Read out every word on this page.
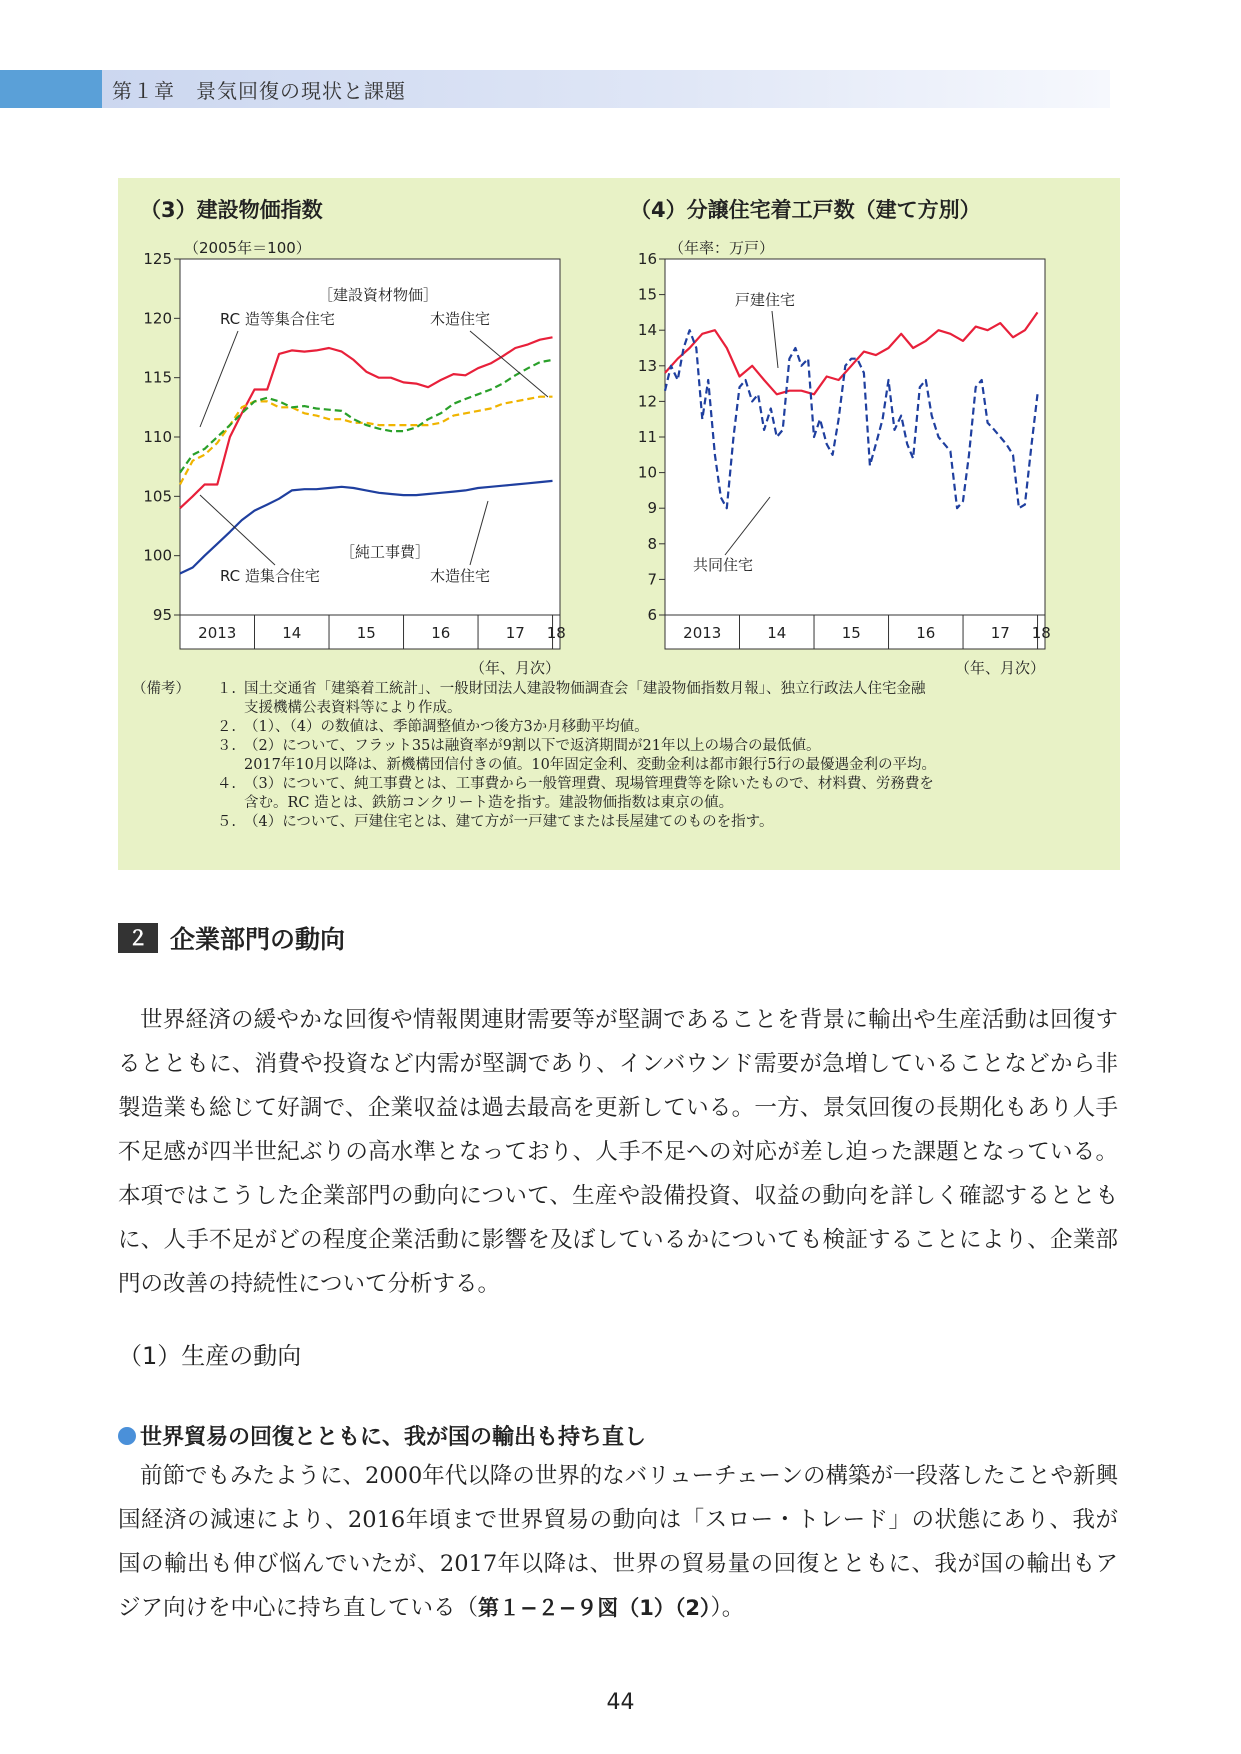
第１章　景気回復の現状と課題
（3）建設物価指数	（4）分譲住宅着工戸数（建て方別）
95
100
105
110
115
120
125
2013	14	15	16	17 18
（年、月次）
（2005年＝100）
［建設資材物価］
RC 造等集合住宅	木造住宅
［純工事費］
RC 造集合住宅	木造住宅
6
7
8
9
10
11
12
13
14
15
16
2013	14	15	16	17 18
（年、月次）
（年率：万戸）
戸建住宅
共同住宅
（備考）	１. 国土交通省「建築着工統計」、一般財団法人建設物価調査会「建設物価指数月報」、独立行政法人住宅金融
支援機構公表資料等により作成。
２. （1）、（4）の数値は、季節調整値かつ後方3か月移動平均値。
３. （2）について、フラット35は融資率が9割以下で返済期間が21年以上の場合の最低値。
2017年10月以降は、新機構団信付きの値。10年固定金利、変動金利は都市銀行5行の最優遇金利の平均。
４. （3）について、純工事費とは、工事費から一般管理費、現場管理費等を除いたもので、材料費、労務費を
含む。RC 造とは、鉄筋コンクリート造を指す。建設物価指数は東京の値。
５. （4）について、戸建住宅とは、建て方が一戸建てまたは長屋建てのものを指す。
２ 企業部門の動向
世界経済の緩やかな回復や情報関連財需要等が堅調であることを背景に輸出や生産活動は回復するとともに、消費や投資など内需が堅調であり、インバウンド需要が急増していることなどから非製造業も総じて好調で、企業収益は過去最高を更新している。一方、景気回復の長期化もあり人手不足感が四半世紀ぶりの高水準となっており、人手不足への対応が差し迫った課題となっている。本項ではこうした企業部門の動向について、生産や設備投資、収益の動向を詳しく確認するとともに、人手不足がどの程度企業活動に影響を及ぼしているかについても検証することにより、企業部門の改善の持続性について分析する。
（1）生産の動向
世界貿易の回復とともに、我が国の輸出も持ち直し
前節でもみたように、2000年代以降の世界的なバリューチェーンの構築が一段落したことや新興国経済の減速により、2016年頃まで世界貿易の動向は「スロー・トレード」の状態にあり、我が国の輸出も伸び悩んでいたが、2017年以降は、世界の貿易量の回復とともに、我が国の輸出もアジア向けを中心に持ち直している（第１−２−９図（1）（2））。
44
